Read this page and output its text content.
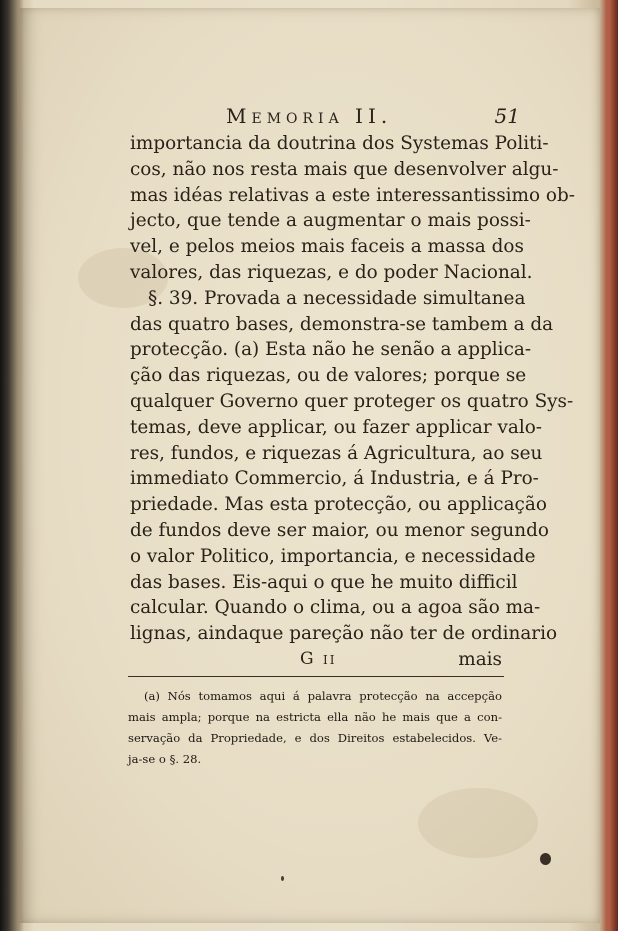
Memoria II.	51
importancia da doutrina dos Systemas Politi-
cos, não nos resta mais que desenvolver algu-
mas idéas relativas a este interessantissimo ob-
jecto, que tende a augmentar o mais possi-
vel, e pelos meios mais faceis a massa dos
valores, das riquezas, e do poder Nacional.
§. 39. Provada a necessidade simultanea
das quatro bases, demonstra-se tambem a da
protecção. (a) Esta não he senão a applica-
ção das riquezas, ou de valores; porque se
qualquer Governo quer proteger os quatro Sys-
temas, deve applicar, ou fazer applicar valo-
res, fundos, e riquezas á Agricultura, ao seu
immediato Commercio, á Industria, e á Pro-
priedade. Mas esta protecção, ou applicação
de fundos deve ser maior, ou menor segundo
o valor Politico, importancia, e necessidade
das bases. Eis-aqui o que he muito difficil
calcular. Quando o clima, ou a agoa são ma-
lignas, aindaque pareção não ter de ordinario
G ii	mais
(a) Nós tomamos aqui á palavra protecção na accepção
mais ampla; porque na estricta ella não he mais que a con-
servação da Propriedade, e dos Direitos estabelecidos. Ve-
ja-se o §. 28.
